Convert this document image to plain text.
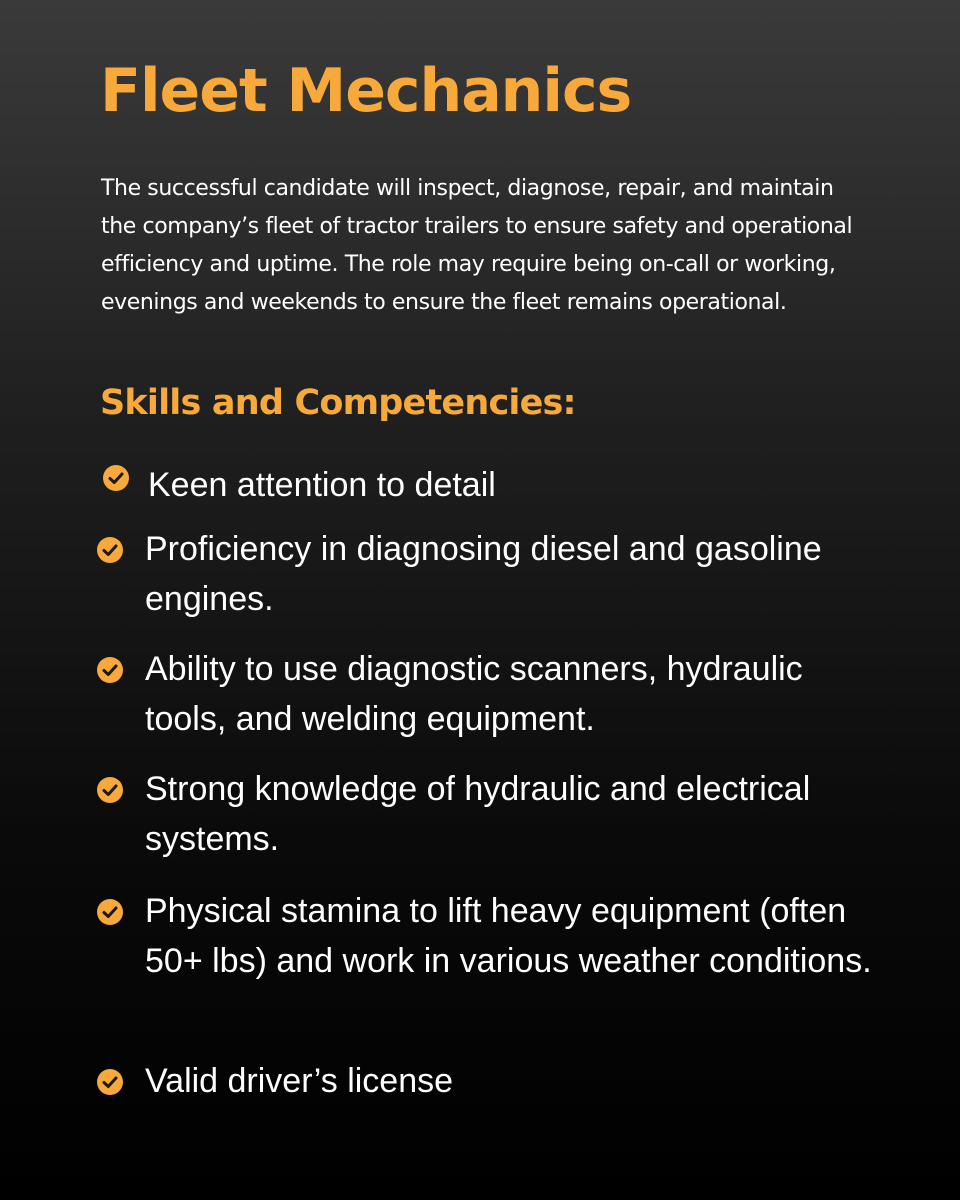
Fleet Mechanics

The successful candidate will inspect, diagnose, repair, and maintain the company’s fleet of tractor trailers to ensure safety and operational efficiency and uptime. The role may require being on-call or working, evenings and weekends to ensure the fleet remains operational.

Skills and Competencies:

Keen attention to detail

Proficiency in diagnosing diesel and gasoline engines.

Ability to use diagnostic scanners, hydraulic tools, and welding equipment.

Strong knowledge of hydraulic and electrical systems.

Physical stamina to lift heavy equipment (often 50+ lbs) and work in various weather conditions.

Valid driver’s license
